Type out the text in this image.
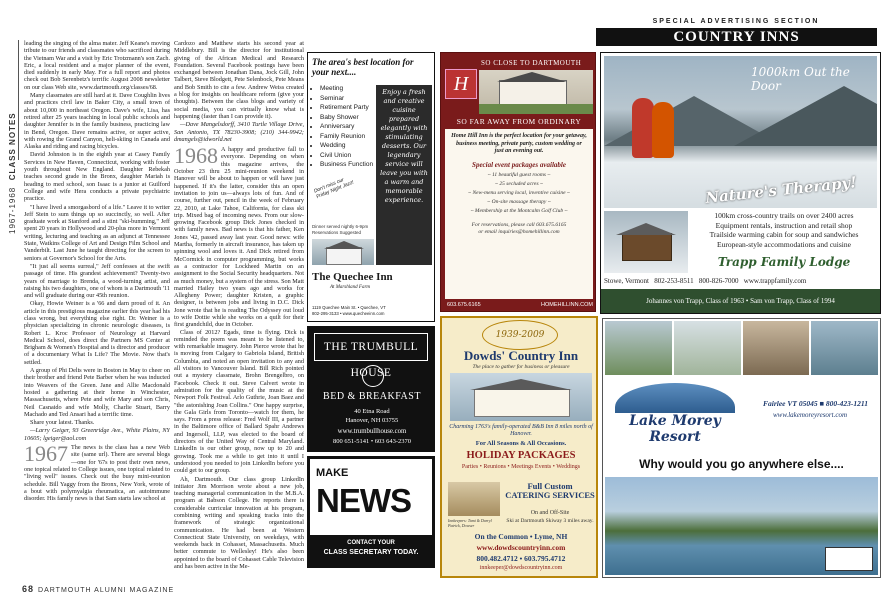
1967-1968  CLASS NOTES

leading the singing of the alma mater. Jeff Keane's moving tribute to our friends and classmates who sacrificed during the Vietnam War and a visit by Eric Trotzmann's son Zach. Eric, a local resident and a major planner of the event, died suddenly in early May. For a full report and photos check out Bob Serenbetz's terrific August 2008 newsletter on our class Web site, www.dartmouth.org/classes/68.

Many classmates are still hard at it. Dave Coughlin lives and practices civil law in Baker City, a small town of about 10,000 in northeast Oregon. Dave's wife, Lisa, has retired after 25 years teaching in local public schools and daughter Jennifer is in the family business, practicing law in Bend, Oregon. Dave remains active, or super active, with rowing the Grand Canyon, heli-skiing in Canada and Alaska and riding and racing bicycles.

David Johnston is in the eighth year at Casey Family Services in New Haven, Connecticut, working with foster youth throughout New England. Daughter Rebekah teaches second grade in the Bronx, daughter Mariah is heading to med school, son Isaac is a junior at Guilford College and wife Hera conducts a private psychiatric practice.

"I have lived a smorgasbord of a life." Leave it to writer Jeff Stein to sum things up so succinctly, so well. After graduate work at Stanford and a stint "ski-bumming," Jeff spent 20 years in Hollywood and 20-plus more in Vermont writing, lecturing and teaching as an adjunct at Tennessee State, Watkins College of Art and Design Film School and Vanderbilt. Last June he taught directing for the screen to seniors at Governor's School for the Arts.

"It just all seems surreal," Jeff confesses at the swift passage of time. His grandest achievement? Twenty-two years of marriage to Brenda, a wood-turning artist, and raising his two daughters, one of whom is a Dartmouth '11 and will graduate during our 45th reunion.

Okay, Howie Weiner is a '66 and darn proud of it. An article in this prestigious magazine earlier this year had his class wrong, but everything else right. Dr. Weiner is a physician specializing in chronic neurologic diseases, is Robert L. Kroc Professor of Neurology at Harvard Medical School, does direct the Partners MS Center at Brigham & Women's Hospital and is director and producer of a documentary What Is Life? The Movie. Now that's settled.

A group of Phi Delts were in Boston in May to cheer on their brother and friend Pete Barber when he was inducted into Weavers of the Green. Jane and Allie Macdonald hosted a gathering at their home in Winchester, Massachusetts, where Pete and wife Mary and son Chris, Neil Casnaido and wife Molly, Charlie Stuart, Barry Machado and Ted Ansari had a terrific time.

Share your latest. Thanks.

—Larry Geiger, 93 Greenridge Ave., White Plains, NY 10605; lgeiger@aol.com

1967 The news is the class has a new Web site (same url). There are several blogs—one for '67s to post their own news, one topical related to College issues, one topical related to "living well" issues. Check out the busy mini-reunion schedule. Bill Yaggy from the Bronx, New York, wrote of a bout with polymyalgia rheumatica, an autoimmune disorder. His family news is that Sam starts law school at

Cardozo and Matthew starts his second year at Middlebury. Bill is the director for institutional giving of the African Medical and Research Foundation. Several Facebook postings have been exchanged between Jonathan Dana, Jock Gill, John Talbert, Steve Blodgett, Pete Selenbock, Pete Means and Bob Smith to cite a few. Andrew Weiss created a blog for insights on healthcare reform (give your thoughts). Between the class blogs and variety of social media, you can virtually know what is happening (faster than I can provide it).

—Dave Mangelsdorff, 3410 Turtle Village Drive, San Antonio, TX 78230-3908; (210) 344-9942; dmangels@idworld.net

1968 A happy and productive fall to everyone. Depending on when this magazine arrives, the October 23 thru 25 mini-reunion weekend in Hanover will be about to happen or will have just happened. If it's the latter, consider this an open invitation to join us—always lots of fun. And of course, further out, pencil in the week of February 22, 2010, at Lake Tahoe, California, for class ski trip. Mixed bag of incoming news. From our slow-growing Facebook group Dick Jones checked in with family news. Bad news is that his father, Ken Jones '42, passed away last year. Good news: wife Martha, formerly in aircraft insurance, has taken up spinning wool and loves it. And Dick retired from McCormick in computer programming, but works as a contractor for Lockheed Martin on an assignment to the Social Security headquarters. Not as much money, but a system of the stress. Son Matt married Hailey two years ago and works for Allegheny Power; daughter Kristen, a graphic designer, is between jobs and living in D.C. Dick Jone wrote that he is reading The Odyssey out loud to wife Dottie while she works on a quilt for their first grandchild, due in October.

Class of 2012? Egads, time is flying. Dick is reminded the poem was meant to be listened to, with remarkable imagery. John Pierce wrote that he is moving from Calgary to Gabriola Island, British Columbia, and noted an open invitation to any and all visitors to Vancouver Island. Bill Rich pointed out a mystery classmate, Brohn Brengelbro, on Facebook. Check it out. Steve Calvert wrote in admiration for the quality of the music at the Newport Folk Festival. Arlo Guthrie, Joan Baez and "the astonishing Joan Collins." One happy surprise, the Gala Girls from Toronto—watch for them, he says. From a press release: Fred Wolf III, a partner in the Baltimore office of Ballard Spahr Andrews and Ingersoll, LLP, was elected to the board of directors of the United Way of Central Maryland. LinkedIn is our other group, now up to 20 and growing. Took me a while to get into it until I understood you needed to join LinkedIn before you could get to our group.

Ah, Dartmouth. Our class group LinkedIn initiator Jim Morrison wrote about a new job, teaching managerial communication in the M.B.A. program at Babson College. He reports there is considerable curricular innovation at his program, combining writing and speaking tracks into the framework of strategic organizational communication. He had been at Western Connecticut State University, on weekdays, with weekends back in Cohasset, Massachusetts. Much better commute to Wellesley! He's also been appointed to the board of Cohasset Cable Television and has been active in the Me-

68 DARTMOUTH ALUMNI MAGAZINE
The area's best location for your next....
• Meeting
• Seminar
• Retirement Party
• Baby Shower
• Anniversary
• Family Reunion
• Wedding
• Civil Union
• Business Function
Enjoy a fresh and creative cuisine prepared elegantly with stimulating desserts. Our legendary service will leave you with a warm and memorable experience.
Don't miss our Friday Night Jazz!
Dinner served nightly 6-9pm Reservations Suggested
The Quechee Inn
At Marshland Farm
1119 Quechee Main St. • Quechee, VT
802-295-3133 • www.quecheeinn.com
THE TRUMBULL HOUSE
BED & BREAKFAST
40 Etna Road
Hanover, NH 03755
www.trumbullhouse.com
800 651-5141 • 603 643-2370
MAKE
NEWS
CONTACT YOUR
CLASS SECRETARY TODAY.
SPECIAL ADVERTISING SECTION
COUNTRY INNS
SO CLOSE TO DARTMOUTH
H
SO FAR AWAY FROM ORDINARY
Home Hill Inn is the perfect location for your getaway, business meeting, private party, custom wedding or just an evening out.
Special event packages available
~ 11 beautiful guest rooms ~
~ 25 secluded acres ~
~ New-menu serving local, inventive cuisine ~
~ On-site massage therapy ~
~ Membership at the Montcalm Golf Club ~
For reservations, please call 603.675.6165
or email inquiries@homehillinn.com
603.675.6165	HOMEHILLINN.COM
1000km Out the Door
Nature's Therapy!
100km cross-country trails on over 2400 acres
Equipment rentals, instruction and retail shop
Trailside warming cabin for soup and sandwiches
European-style accommodations and cuisine
Trapp Family Lodge
Stowe, Vermont   802-253-8511   800-826-7000   www.trappfamily.com
Johannes von Trapp, Class of 1963 • Sam von Trapp, Class of 1994
1939-2009
Dowds' Country Inn
The place to gather for business or pleasure
Charming 1763's family-operated B&B Inn 8 miles north of Hanover.
For All Seasons & All Occasions.
HOLIDAY PACKAGES
Parties • Reunions • Meetings Events • Weddings
Full Custom CATERING SERVICES
On and Off-Site
Ski at Dartmouth Skiway 3 miles away.
Innkeepers: Tami & Darryl Patrick, Dowser
On the Common • Lyme, NH
www.dowdscountryinn.com
800.482.4712 • 603.795.4712
innkeeper@dowdscountryinn.com
Lake Morey Resort
Fairlee VT 05045 ■ 800-423-1211
www.lakemoreyresort.com
Why would you go anywhere else....
